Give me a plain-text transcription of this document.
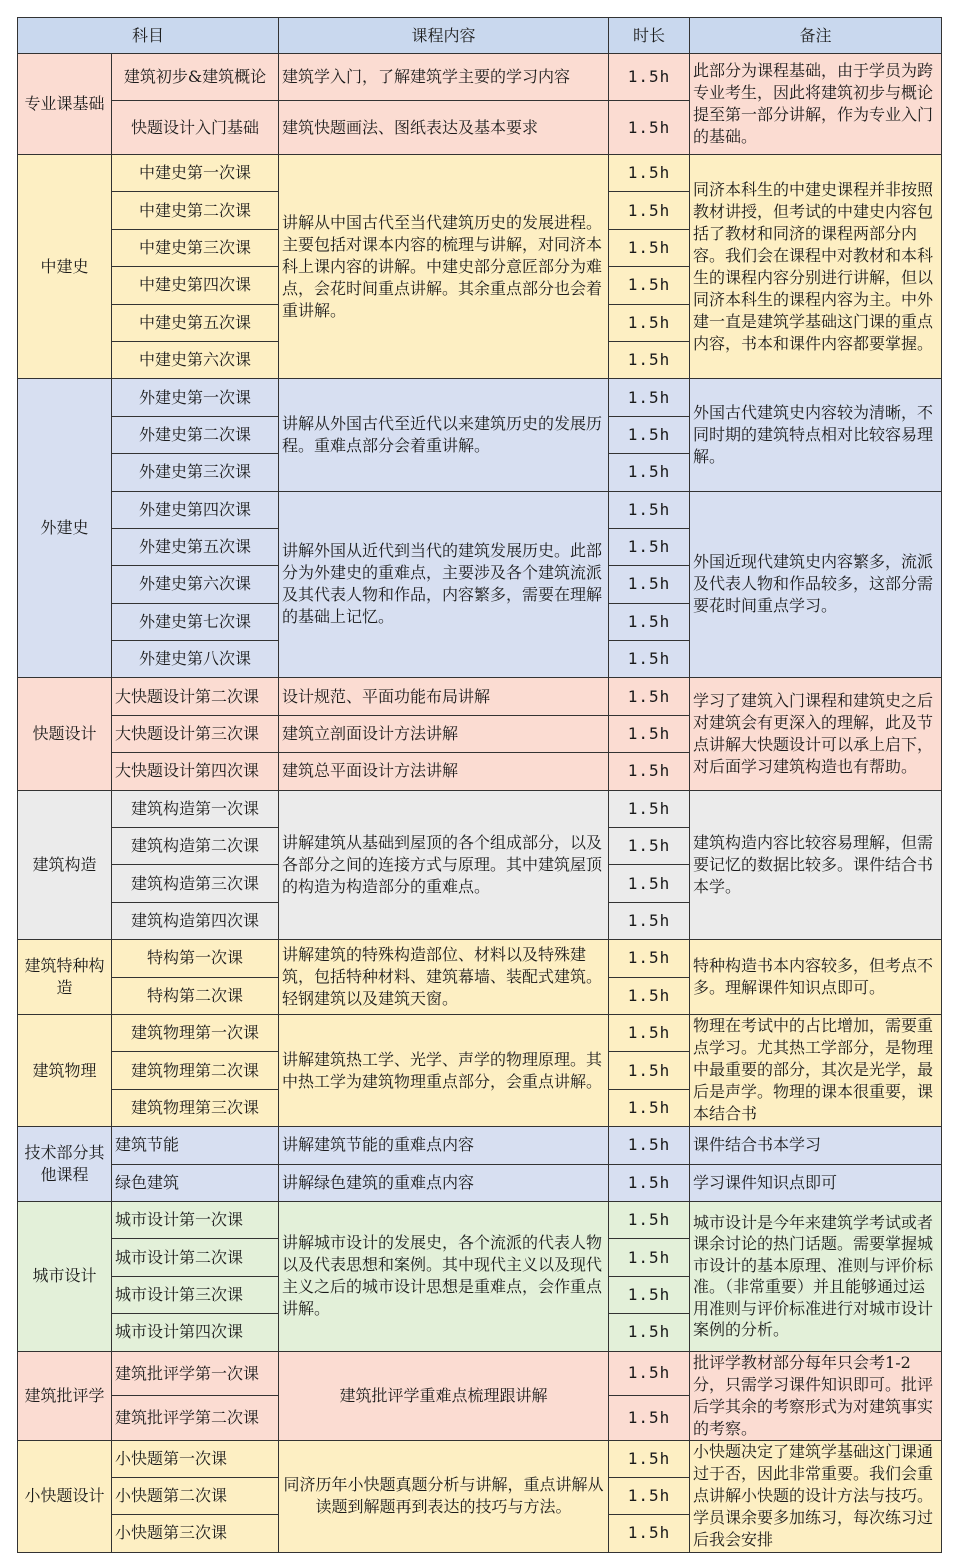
科目		课程内容	时长	备注
专业课基础	建筑初步&建筑概论	建筑学入门，了解建筑学主要的学习内容	1.5h	此部分为课程基础，由于学员为跨专业考生，因此将建筑初步与概论提至第一部分讲解，作为专业入门的基础。
	快题设计入门基础	建筑快题画法、图纸表达及基本要求	1.5h	
中建史	中建史第一次课	讲解从中国古代至当代建筑历史的发展进程。主要包括对课本内容的梳理与讲解，对同济本科上课内容的讲解。中建史部分意匠部分为难点，会花时间重点讲解。其余重点部分也会着重讲解。	1.5h	同济本科生的中建史课程并非按照教材讲授，但考试的中建史内容包括了教材和同济的课程两部分内容。我们会在课程中对教材和本科生的课程内容分别进行讲解，但以同济本科生的课程内容为主。中外建一直是建筑学基础这门课的重点内容，书本和课件内容都要掌握。
	中建史第二次课		1.5h	
	中建史第三次课		1.5h	
	中建史第四次课		1.5h	
	中建史第五次课		1.5h	
	中建史第六次课		1.5h	
外建史	外建史第一次课	讲解从外国古代至近代以来建筑历史的发展历程。重难点部分会着重讲解。	1.5h	外国古代建筑史内容较为清晰，不同时期的建筑特点相对比较容易理解。
	外建史第二次课		1.5h	
	外建史第三次课		1.5h	
	外建史第四次课	讲解外国从近代到当代的建筑发展历史。此部分为外建史的重难点，主要涉及各个建筑流派及其代表人物和作品，内容繁多，需要在理解的基础上记忆。	1.5h	外国近现代建筑史内容繁多，流派及代表人物和作品较多，这部分需要花时间重点学习。
	外建史第五次课		1.5h	
	外建史第六次课		1.5h	
	外建史第七次课		1.5h	
	外建史第八次课		1.5h	
快题设计	大快题设计第二次课	设计规范、平面功能布局讲解	1.5h	学习了建筑入门课程和建筑史之后对建筑会有更深入的理解，此及节点讲解大快题设计可以承上启下，对后面学习建筑构造也有帮助。
	大快题设计第三次课	建筑立剖面设计方法讲解	1.5h	
	大快题设计第四次课	建筑总平面设计方法讲解	1.5h	
建筑构造	建筑构造第一次课	讲解建筑从基础到屋顶的各个组成部分，以及各部分之间的连接方式与原理。其中建筑屋顶的构造为构造部分的重难点。	1.5h	建筑构造内容比较容易理解，但需要记忆的数据比较多。课件结合书本学。
	建筑构造第二次课		1.5h	
	建筑构造第三次课		1.5h	
	建筑构造第四次课		1.5h	
建筑特种构造	特构第一次课	讲解建筑的特殊构造部位、材料以及特殊建筑，包括特种材料、建筑幕墙、装配式建筑。轻钢建筑以及建筑天窗。	1.5h	特种构造书本内容较多，但考点不多。理解课件知识点即可。
	特构第二次课		1.5h	
建筑物理	建筑物理第一次课	讲解建筑热工学、光学、声学的物理原理。其中热工学为建筑物理重点部分，会重点讲解。	1.5h	物理在考试中的占比增加，需要重点学习。尤其热工学部分，是物理中最重要的部分，其次是光学，最后是声学。物理的课本很重要，课本结合书
	建筑物理第二次课		1.5h	
	建筑物理第三次课		1.5h	
技术部分其他课程	建筑节能	讲解建筑节能的重难点内容	1.5h	课件结合书本学习
	绿色建筑	讲解绿色建筑的重难点内容	1.5h	学习课件知识点即可
城市设计	城市设计第一次课	讲解城市设计的发展史，各个流派的代表人物以及代表思想和案例。其中现代主义以及现代主义之后的城市设计思想是重难点，会作重点讲解。	1.5h	城市设计是今年来建筑学考试或者课余讨论的热门话题。需要掌握城市设计的基本原理、准则与评价标准。（非常重要）并且能够通过运用准则与评价标准进行对城市设计案例的分析。
	城市设计第二次课		1.5h	
	城市设计第三次课		1.5h	
	城市设计第四次课		1.5h	
建筑批评学	建筑批评学第一次课	建筑批评学重难点梳理跟讲解	1.5h	批评学教材部分每年只会考1-2分，只需学习课件知识即可。批评后学其余的考察形式为对建筑事实的考察。
	建筑批评学第二次课		1.5h	
小快题设计	小快题第一次课	同济历年小快题真题分析与讲解，重点讲解从读题到解题再到表达的技巧与方法。	1.5h	小快题决定了建筑学基础这门课通过于否，因此非常重要。我们会重点讲解小快题的设计方法与技巧。学员课余要多加练习，每次练习过后我会安排
	小快题第二次课		1.5h	
	小快题第三次课		1.5h	
